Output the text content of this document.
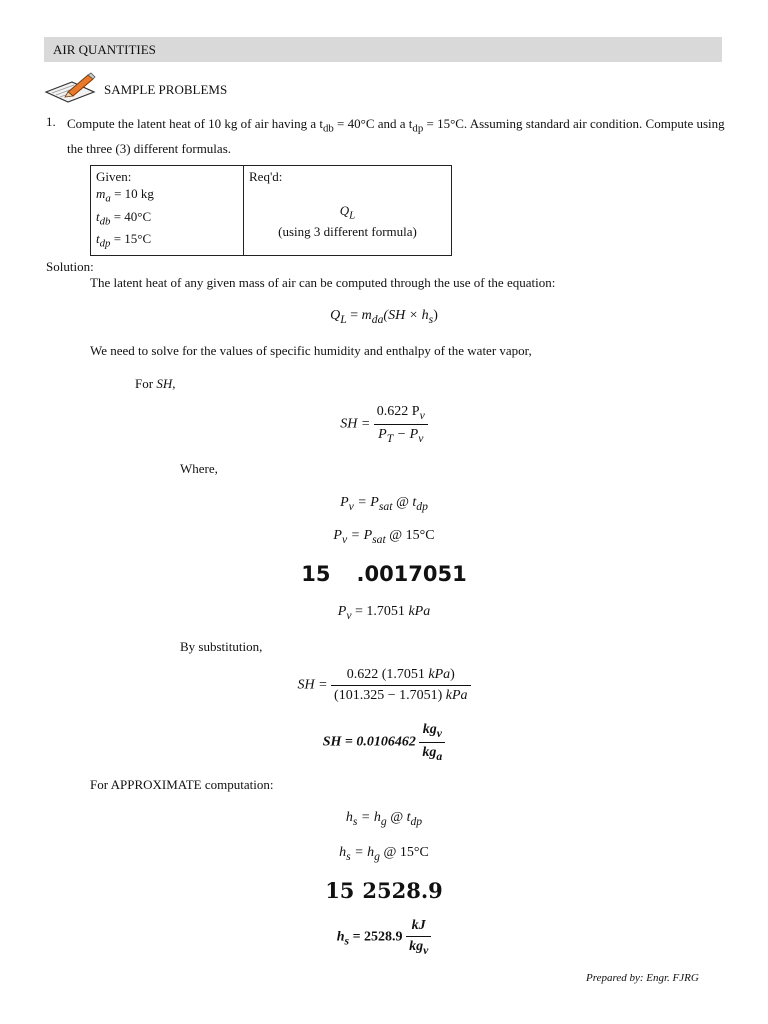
AIR QUANTITIES
SAMPLE PROBLEMS
1. Compute the latent heat of 10 kg of air having a $t_{db} = 40^\circ C$ and a $t_{dp} = 15^\circ C$. Assuming standard air condition. Compute using the three (3) different formulas.
Given:
$m_a = 10$ kg
$t_{db} = 40^\circ C$
$t_{dp} = 15^\circ C$

Req'd:
$Q_L$
(using 3 different formula)
Solution:
The latent heat of any given mass of air can be computed through the use of the equation:
$Q_L = m_{da}(SH \times h_s)$
We need to solve for the values of specific humidity and enthalpy of the water vapor,
For SH,
SH = $\frac{0.622 P_v}{P_T - P_v}$
Where,
$P_v = P_{sat}$ @ $t_{dp}$
$P_v = P_{sat}$ @ 15°C
15 .0017051
$P_v = 1.7051$ kPa
By substitution,
SH = $\frac{\text{0.622 (1.7051 kPa)}}{\text{(101.325 − 1.7051) kPa}}$
SH = $0.0106462 \frac{kg_v}{kg_a}$
For APPROXIMATE computation:
$h_s = h_g$ @ $t_{dp}$
$h_s = h_g$ @ 15°C
15 2528.9
$h_s = 2528.9 \frac{kJ}{kg_v}$
Prepared by: Engr. FJRG
